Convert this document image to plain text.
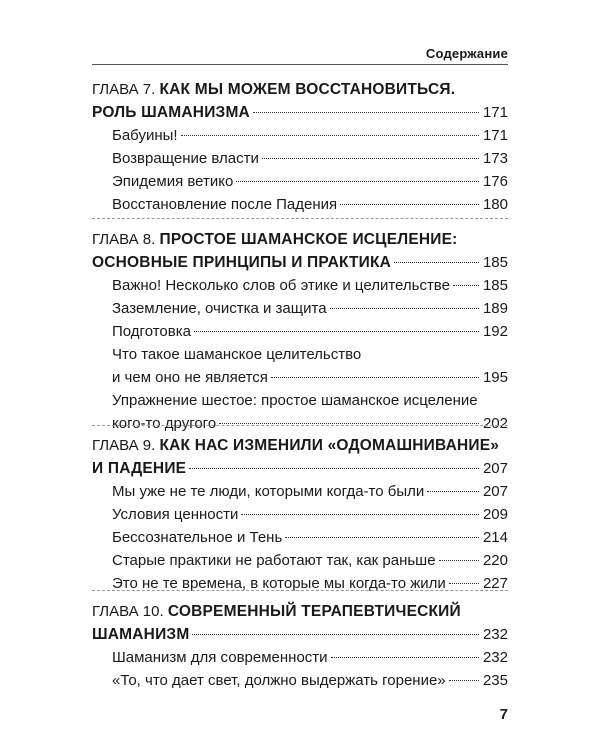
Содержание
ГЛАВА 7. КАК МЫ МОЖЕМ ВОССТАНОВИТЬСЯ.
РОЛЬ ШАМАНИЗМА	171
Бабуины!	171
Возвращение власти	173
Эпидемия ветико	176
Восстановление после Падения	180
ГЛАВА 8. ПРОСТОЕ ШАМАНСКОЕ ИСЦЕЛЕНИЕ:
ОСНОВНЫЕ ПРИНЦИПЫ И ПРАКТИКА	185
Важно! Несколько слов об этике и целительстве 185
Заземление, очистка и защита	189
Подготовка	192
Что такое шаманское целительство
и чем оно не является	195
Упражнение шестое: простое шаманское исцеление
кого-то другого	202
ГЛАВА 9. КАК НАС ИЗМЕНИЛИ «ОДОМАШНИВАНИЕ»
И ПАДЕНИЕ	207
Мы уже не те люди, которыми когда-то были	207
Условия ценности	209
Бессознательное и Тень	214
Старые практики не работают так, как раньше	220
Это не те времена, в которые мы когда-то жили 227
ГЛАВА 10. СОВРЕМЕННЫЙ ТЕРАПЕВТИЧЕСКИЙ
ШАМАНИЗМ	232
Шаманизм для современности	232
«То, что дает свет, должно выдержать горение» 235
7
